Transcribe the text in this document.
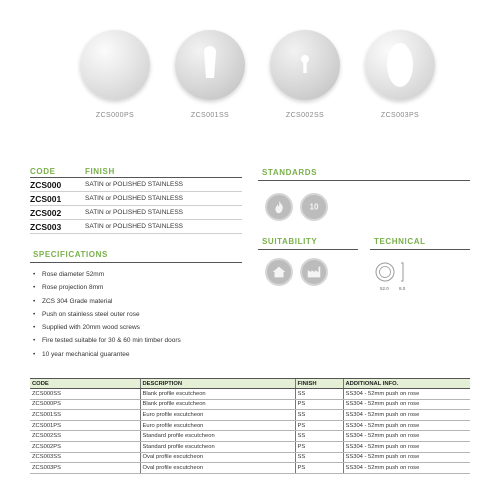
ZCS000PS	ZCS001SS	ZCS002SS	ZCS003PS
CODE	FINISH
ZCS000	SATIN or POLISHED STAINLESS
ZCS001	SATIN or POLISHED STAINLESS
ZCS002	SATIN or POLISHED STAINLESS
ZCS003	SATIN or POLISHED STAINLESS
SPECIFICATIONS
• Rose diameter 52mm
• Rose projection 8mm
• ZCS 304 Grade material
• Push on stainless steel outer rose
• Supplied with 20mm wood screws
• Fire tested suitable for 30 & 60 min timber doors
• 10 year mechanical guarantee
STANDARDS
10
SUITABILITY	TECHNICAL
52.0 8.0
CODE	DESCRIPTION	FINISH	ADDITIONAL INFO.
ZCS000SS	Blank profile escutcheon	SS	SS304 - 52mm push on rose
ZCS000PS	Blank profile escutcheon	PS	SS304 - 52mm push on rose
ZCS001SS	Euro profile escutcheon	SS	SS304 - 52mm push on rose
ZCS001PS	Euro profile escutcheon	PS	SS304 - 52mm push on rose
ZCS002SS	Standard profile escutcheon	SS	SS304 - 52mm push on rose
ZCS002PS	Standard profile escutcheon	PS	SS304 - 52mm push on rose
ZCS003SS	Oval profile escutcheon	SS	SS304 - 52mm push on rose
ZCS003PS	Oval profile escutcheon	PS	SS304 - 52mm push on rose
